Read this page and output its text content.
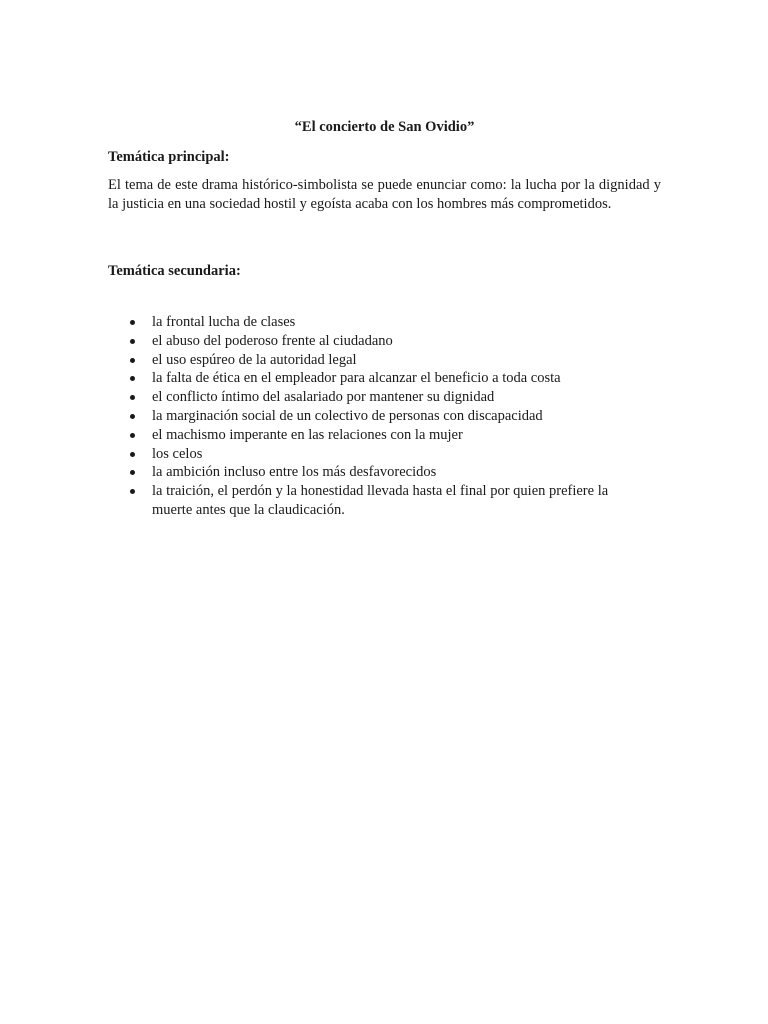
“El concierto de San Ovidio”
Temática principal:

El tema de este drama histórico-simbolista se puede enunciar como: la lucha por la dignidad y la justicia en una sociedad hostil y egoísta acaba con los hombres más comprometidos.

Temática secundaria:
la frontal lucha de clases
el abuso del poderoso frente al ciudadano
el uso espúreo de la autoridad legal
la falta de ética en el empleador para alcanzar el beneficio a toda costa
el conflicto íntimo del asalariado por mantener su dignidad
la marginación social de un colectivo de personas con discapacidad
el machismo imperante en las relaciones con la mujer
los celos
la ambición incluso entre los más desfavorecidos
la traición, el perdón y la honestidad llevada hasta el final por quien prefiere la muerte antes que la claudicación.
